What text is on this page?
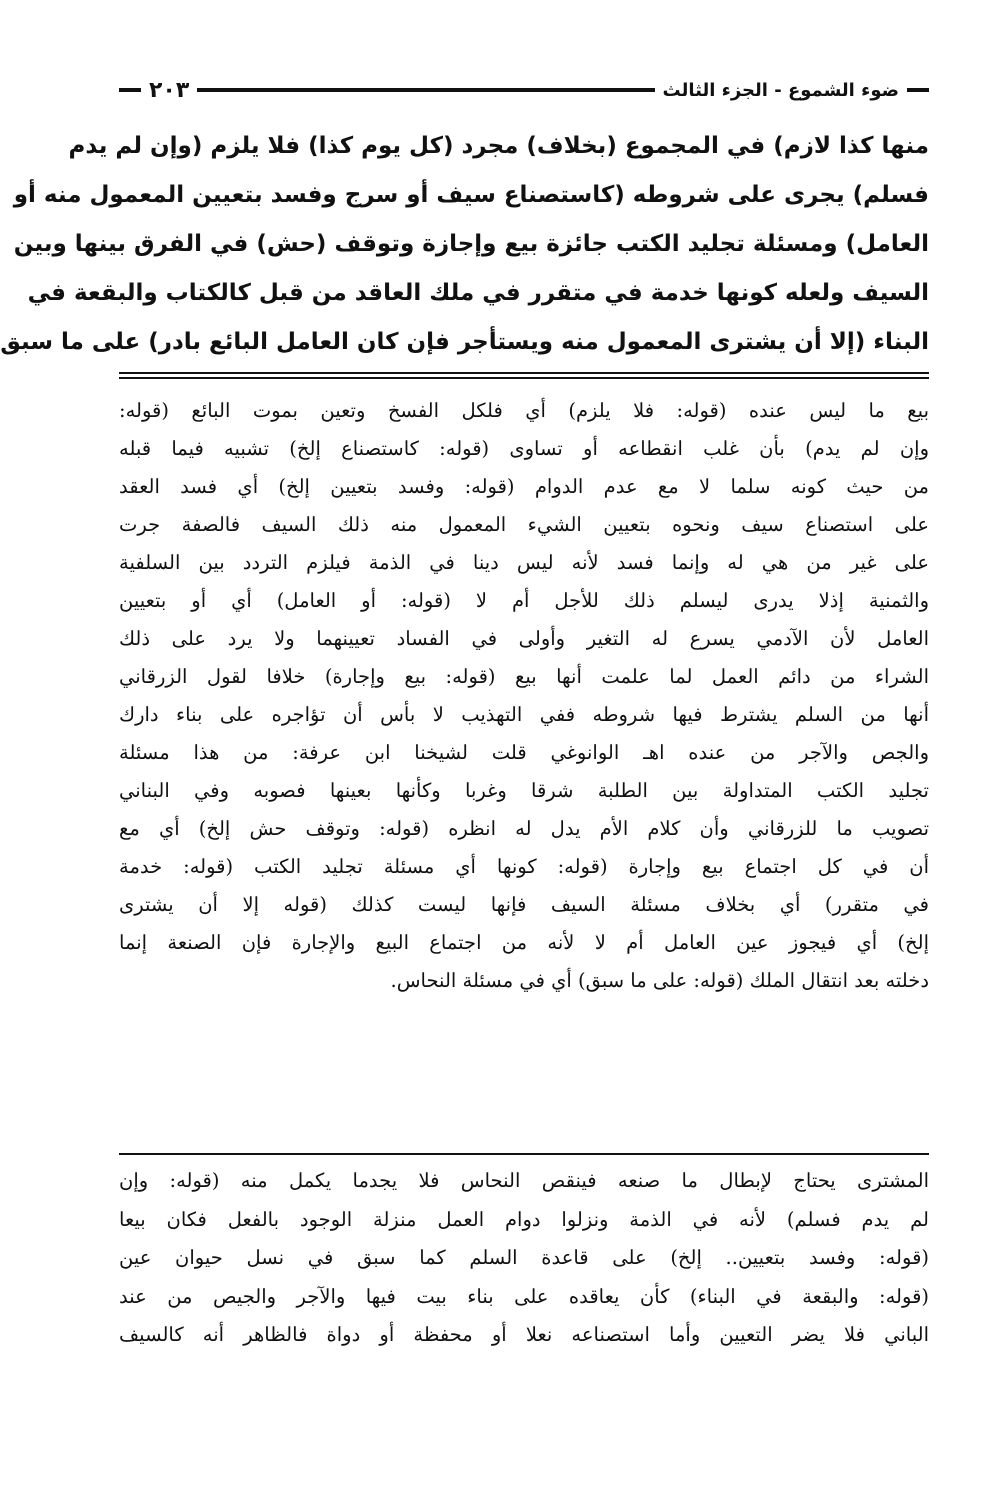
ضوء الشموع - الجزء الثالث
٢٠٣
منها كذا لازم) في المجموع (بخلاف) مجرد (كل يوم كذا) فلا يلزم (وإن لم يدم
فسلم) يجرى على شروطه (كاستصناع سيف أو سرج وفسد بتعيين المعمول منه أو
العامل) ومسئلة تجليد الكتب جائزة بيع وإجازة وتوقف (حش) في الفرق بينها وبين
السيف ولعله كونها خدمة في متقرر في ملك العاقد من قبل كالكتاب والبقعة في
البناء (إلا أن يشترى المعمول منه ويستأجر فإن كان العامل البائع بادر) على ما سبق
بيع ما ليس عنده (قوله: فلا يلزم) أي فلكل الفسخ وتعين بموت البائع (قوله:
وإن لم يدم) بأن غلب انقطاعه أو تساوى (قوله: كاستصناع إلخ) تشبيه فيما قبله
من حيث كونه سلما لا مع عدم الدوام (قوله: وفسد بتعيين إلخ) أي فسد العقد
على استصناع سيف ونحوه بتعيين الشيء المعمول منه ذلك السيف فالصفة جرت
على غير من هي له وإنما فسد لأنه ليس دينا في الذمة فيلزم التردد بين السلفية
والثمنية إذلا يدرى ليسلم ذلك للأجل أم لا (قوله: أو العامل) أي أو بتعيين
العامل لأن الآدمي يسرع له التغير وأولى في الفساد تعيينهما ولا يرد على ذلك
الشراء من دائم العمل لما علمت أنها بيع (قوله: بيع وإجارة) خلافا لقول الزرقاني
أنها من السلم يشترط فيها شروطه ففي التهذيب لا بأس أن تؤاجره على بناء دارك
والجص والآجر من عنده اهـ الوانوغي قلت لشيخنا ابن عرفة: من هذا مسئلة
تجليد الكتب المتداولة بين الطلبة شرقا وغربا وكأنها بعينها فصوبه وفي البناني
تصويب ما للزرقاني وأن كلام الأم يدل له انظره (قوله: وتوقف حش إلخ) أي مع
أن في كل اجتماع بيع وإجارة (قوله: كونها أي مسئلة تجليد الكتب (قوله: خدمة
في متقرر) أي بخلاف مسئلة السيف فإنها ليست كذلك (قوله إلا أن يشترى
إلخ) أي فيجوز عين العامل أم لا لأنه من اجتماع البيع والإجارة فإن الصنعة إنما
دخلته بعد انتقال الملك (قوله: على ما سبق) أي في مسئلة النحاس.
المشترى يحتاج لإبطال ما صنعه فينقص النحاس فلا يجدما يكمل منه (قوله: وإن
لم يدم فسلم) لأنه في الذمة ونزلوا دوام العمل منزلة الوجود بالفعل فكان بيعا
(قوله: وفسد بتعيين.. إلخ) على قاعدة السلم كما سبق في نسل حيوان عين
(قوله: والبقعة في البناء) كأن يعاقده على بناء بيت فيها والآجر والجيص من عند
الباني فلا يضر التعيين وأما استصناعه نعلا أو محفظة أو دواة فالظاهر أنه كالسيف
